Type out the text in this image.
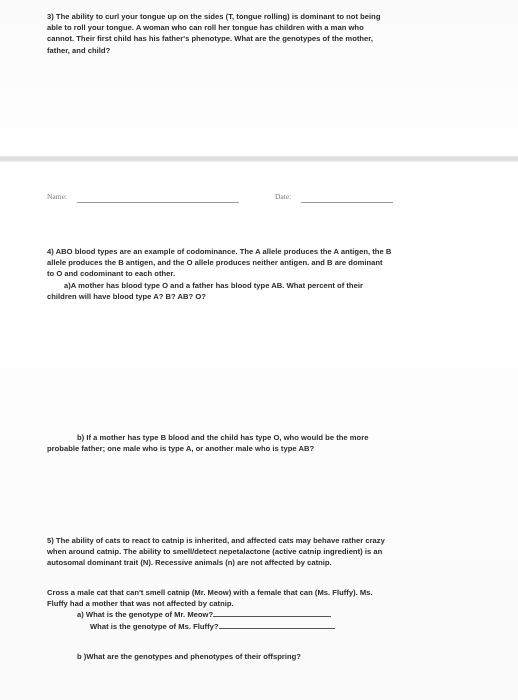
3) The ability to curl your tongue up on the sides (T, tongue rolling) is dominant to not being

able to roll your tongue. A woman who can roll her tongue has children with a man who

cannot. Their first child has his father's phenotype. What are the genotypes of the mother,

father, and child?

Name:	Date:

4) ABO blood types are an example of codominance. The A allele produces the A antigen, the B

allele produces the B antigen, and the O allele produces neither antigen. and B are dominant

to O and codominant to each other.

a)A mother has blood type O and a father has blood type AB. What percent of their

children will have blood type A? B? AB? O?

b) If a mother has type B blood and the child has type O, who would be the more

probable father; one male who is type A, or another male who is type AB?

5) The ability of cats to react to catnip is inherited, and affected cats may behave rather crazy

when around catnip. The ability to smell/detect nepetalactone (active catnip ingredient) is an

autosomal dominant trait (N). Recessive animals (n) are not affected by catnip.

Cross a male cat that can't smell catnip (Mr. Meow) with a female that can (Ms. Fluffy). Ms.

Fluffy had a mother that was not affected by catnip.

a) What is the genotype of Mr. Meow?

What is the genotype of Ms. Fluffy?

b )What are the genotypes and phenotypes of their offspring?
